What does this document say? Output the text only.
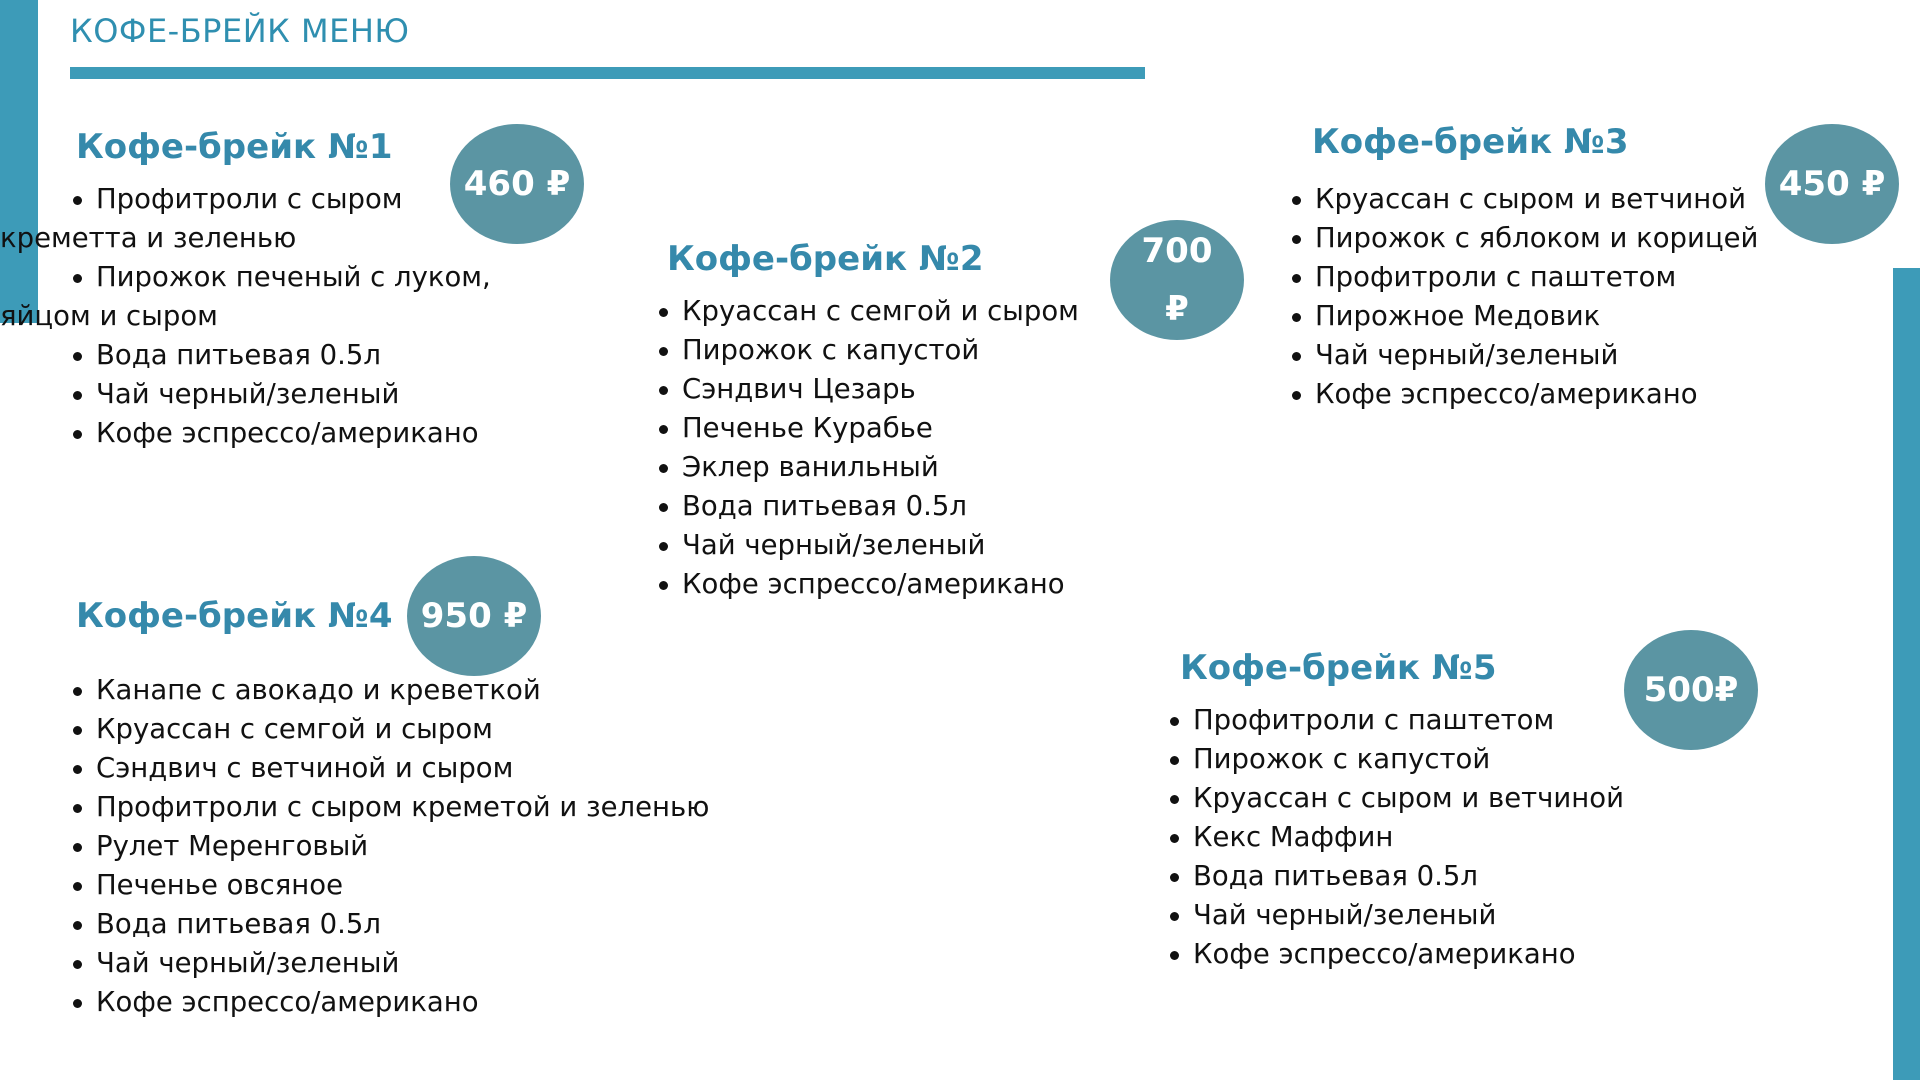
КОФЕ-БРЕЙК МЕНЮ
Кофе-брейк №1
460 ₽
Профитроли с сыром
креметта и зеленью
Пирожок печеный с луком,
яйцом и сыром
Вода питьевая 0.5л
Чай черный/зеленый
Кофе эспрессо/американо
Кофе-брейк №2	700 ₽
Круассан с семгой и сыром
Пирожок с капустой
Сэндвич Цезарь
Печенье Курабье
Эклер ванильный
Вода питьевая 0.5л
Чай черный/зеленый
Кофе эспрессо/американо
Кофе-брейк №3
450 ₽
Круассан с сыром и ветчиной
Пирожок с яблоком и корицей
Профитроли с паштетом
Пирожное Медовик
Чай черный/зеленый
Кофе эспрессо/американо
Кофе-брейк №4 950 ₽
Канапе с авокадо и креветкой
Круассан с семгой и сыром
Сэндвич с ветчиной и сыром
Профитроли с сыром креметой и зеленью
Рулет Меренговый
Печенье овсяное
Вода питьевая 0.5л
Чай черный/зеленый
Кофе эспрессо/американо
Кофе-брейк №5
500₽
Профитроли с паштетом
Пирожок с капустой
Круассан с сыром и ветчиной
Кекс Маффин
Вода питьевая 0.5л
Чай черный/зеленый
Кофе эспрессо/американо
